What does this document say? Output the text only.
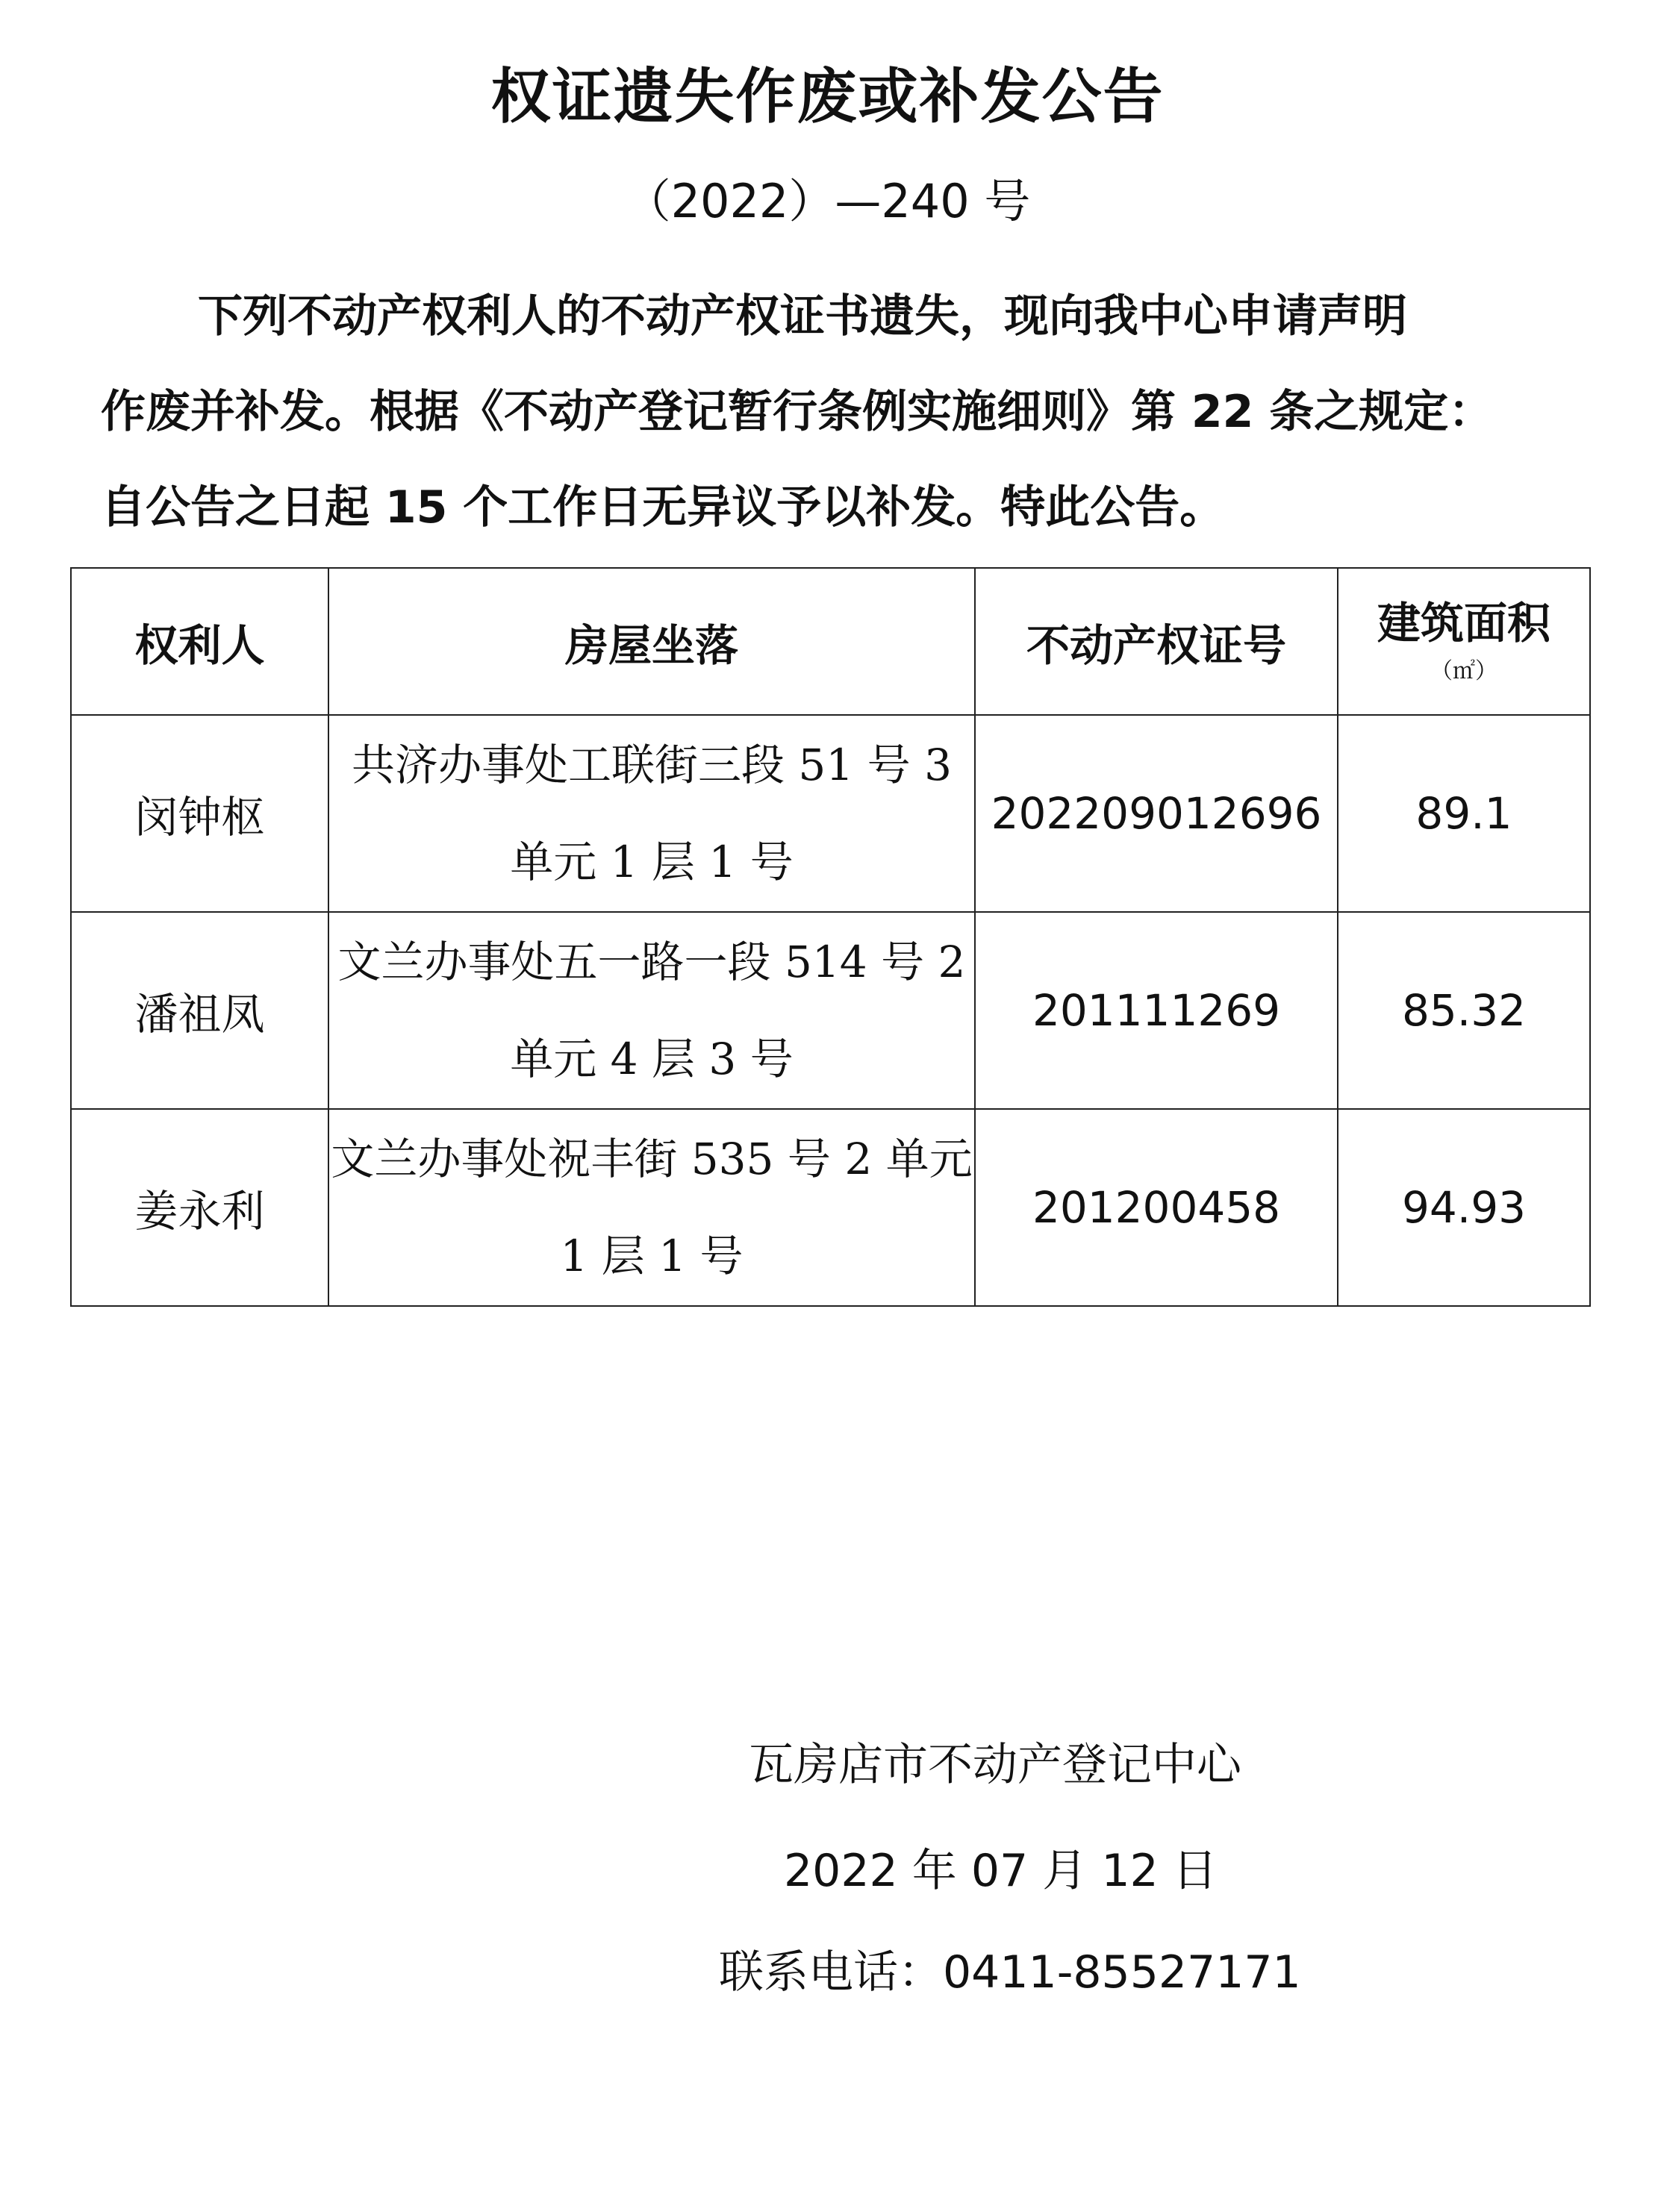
权证遗失作废或补发公告
（2022）—240 号
下列不动产权利人的不动产权证书遗失，现向我中心申请声明
作废并补发。根据《不动产登记暂行条例实施细则》第 22 条之规定：
自公告之日起 15 个工作日无异议予以补发。特此公告。
权利人	房屋坐落	不动产权证号	建筑面积
（㎡）

闵钟枢	共济办事处工联街三段 51 号 3 单元 1 层 1 号	202209012696	89.1
潘祖凤	文兰办事处五一路一段 514 号 2 单元 4 层 3 号	201111269	85.32
姜永利	文兰办事处祝丰街 535 号 2 单元 1 层 1 号	201200458	94.93
瓦房店市不动产登记中心
2022 年 07 月 12 日
联系电话：0411-85527171
